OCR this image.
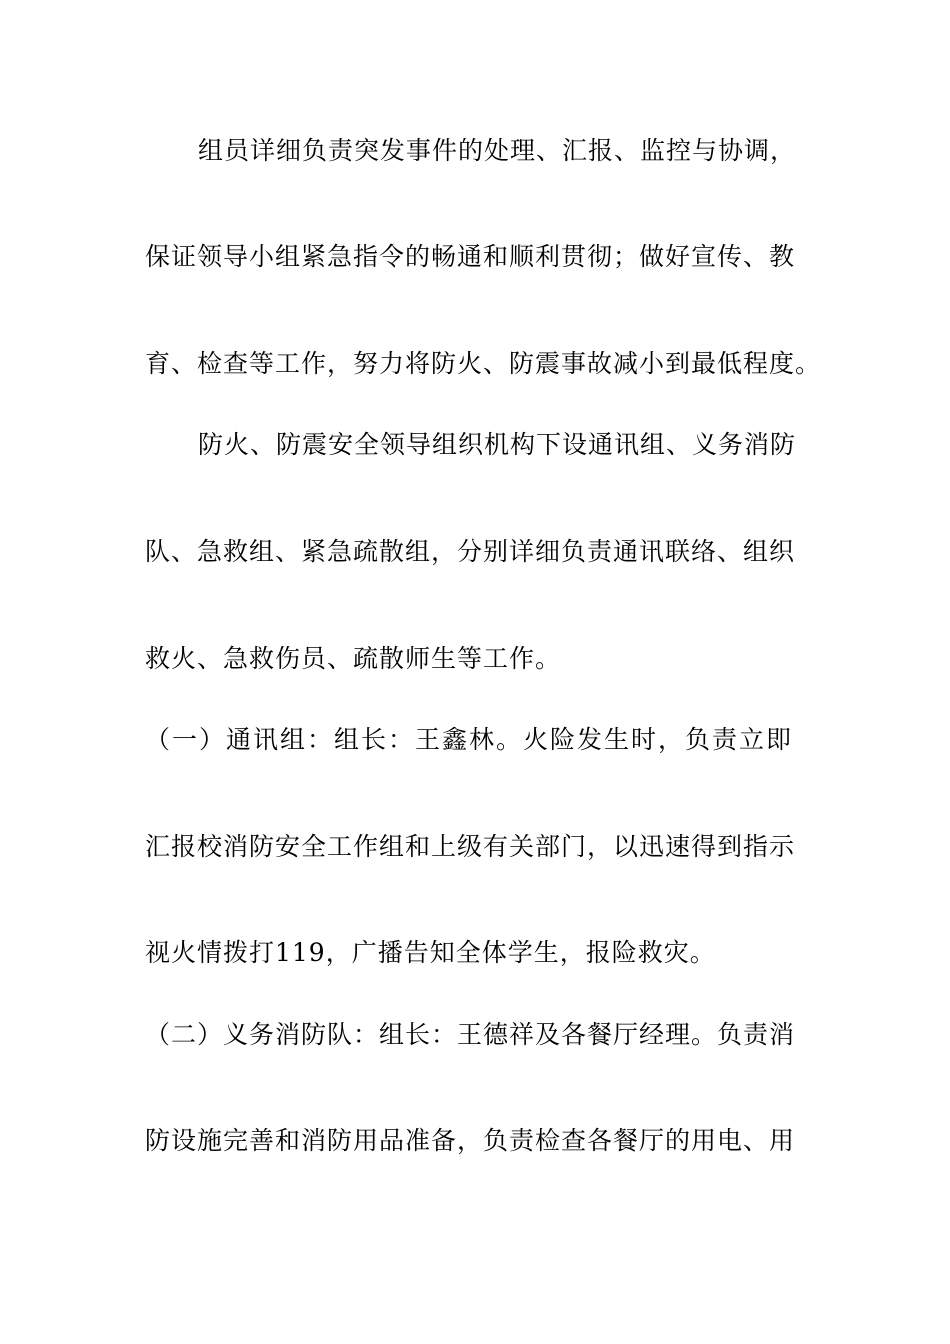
组员详细负责突发事件的处理、汇报、监控与协调，
保证领导小组紧急指令的畅通和顺利贯彻；做好宣传、教
育、检查等工作，努力将防火、防震事故减小到最低程度。
防火、防震安全领导组织机构下设通讯组、义务消防
队、急救组、紧急疏散组，分别详细负责通讯联络、组织
救火、急救伤员、疏散师生等工作。
（一）通讯组：组长：王鑫林。火险发生时，负责立即
汇报校消防安全工作组和上级有关部门，以迅速得到指示
视火情拨打119，广播告知全体学生，报险救灾。
（二）义务消防队：组长：王德祥及各餐厅经理。负责消
防设施完善和消防用品准备，负责检查各餐厅的用电、用
